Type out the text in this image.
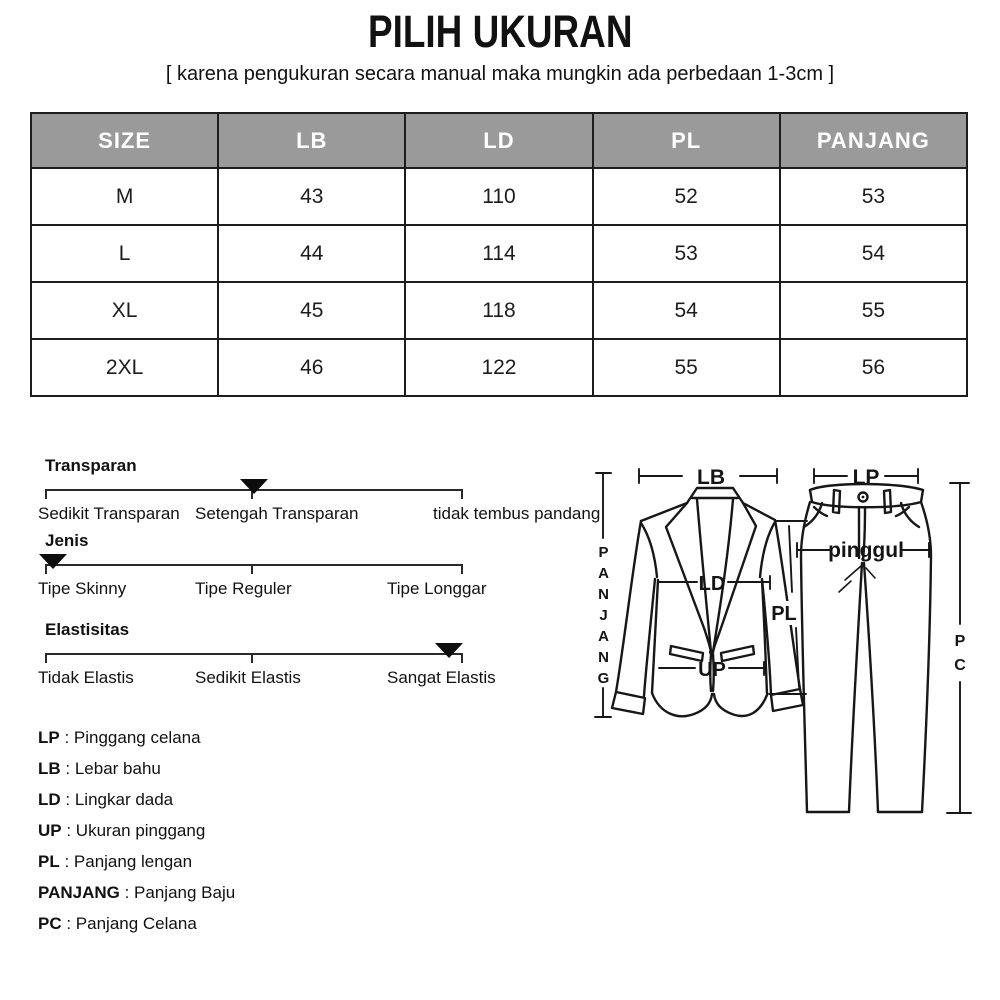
PILIH UKURAN
[ karena pengukuran secara manual maka mungkin ada perbedaan 1-3cm ]
SIZE	LB	LD	PL	PANJANG
M	43	110	52	53
L	44	114	53	54
XL	45	118	54	55
2XL	46	122	55	56
Transparan
Sedikit Transparan Setengah Transparan	tidak tembus pandang
Jenis
Tipe Skinny	Tipe Reguler	Tipe Longgar
Elastisitas
Tidak Elastis	Sedikit Elastis	Sangat Elastis
LP : Pinggang celana
LB : Lebar bahu
LD : Lingkar dada
UP : Ukuran pinggang
PL : Panjang lengan
PANJANG : Panjang Baju
PC : Panjang Celana
LB
LD
UP
PL
P A N J A N G
LP
pinggul
P C
